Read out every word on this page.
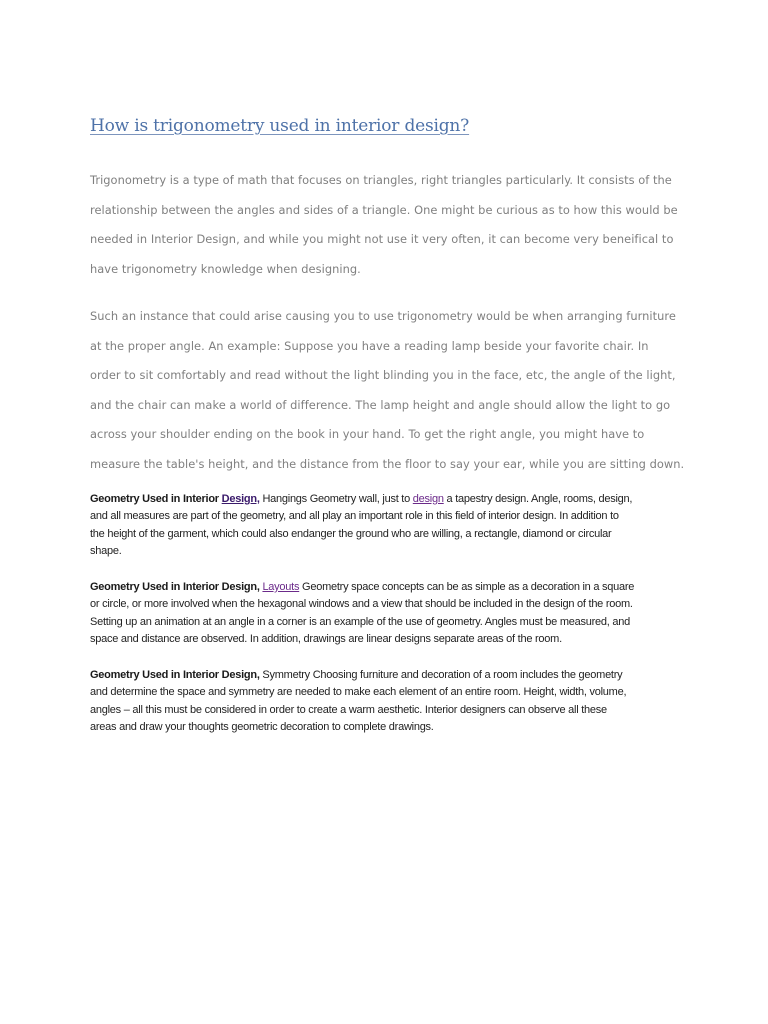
How is trigonometry used in interior design?

Trigonometry is a type of math that focuses on triangles, right triangles particularly. It consists of the
relationship between the angles and sides of a triangle. One might be curious as to how this would be
needed in Interior Design, and while you might not use it very often, it can become very beneifical to
have trigonometry knowledge when designing.

Such an instance that could arise causing you to use trigonometry would be when arranging furniture
at the proper angle. An example: Suppose you have a reading lamp beside your favorite chair. In
order to sit comfortably and read without the light blinding you in the face, etc, the angle of the light,
and the chair can make a world of difference. The lamp height and angle should allow the light to go
across your shoulder ending on the book in your hand. To get the right angle, you might have to
measure the table's height, and the distance from the floor to say your ear, while you are sitting down.

Geometry Used in Interior Design, Hangings Geometry wall, just to design a tapestry design. Angle, rooms, design,
and all measures are part of the geometry, and all play an important role in this field of interior design. In addition to
the height of the garment, which could also endanger the ground who are willing, a rectangle, diamond or circular
shape.

Geometry Used in Interior Design, Layouts Geometry space concepts can be as simple as a decoration in a square
or circle, or more involved when the hexagonal windows and a view that should be included in the design of the room.
Setting up an animation at an angle in a corner is an example of the use of geometry. Angles must be measured, and
space and distance are observed. In addition, drawings are linear designs separate areas of the room.

Geometry Used in Interior Design, Symmetry Choosing furniture and decoration of a room includes the geometry
and determine the space and symmetry are needed to make each element of an entire room. Height, width, volume,
angles – all this must be considered in order to create a warm aesthetic. Interior designers can observe all these
areas and draw your thoughts geometric decoration to complete drawings.
